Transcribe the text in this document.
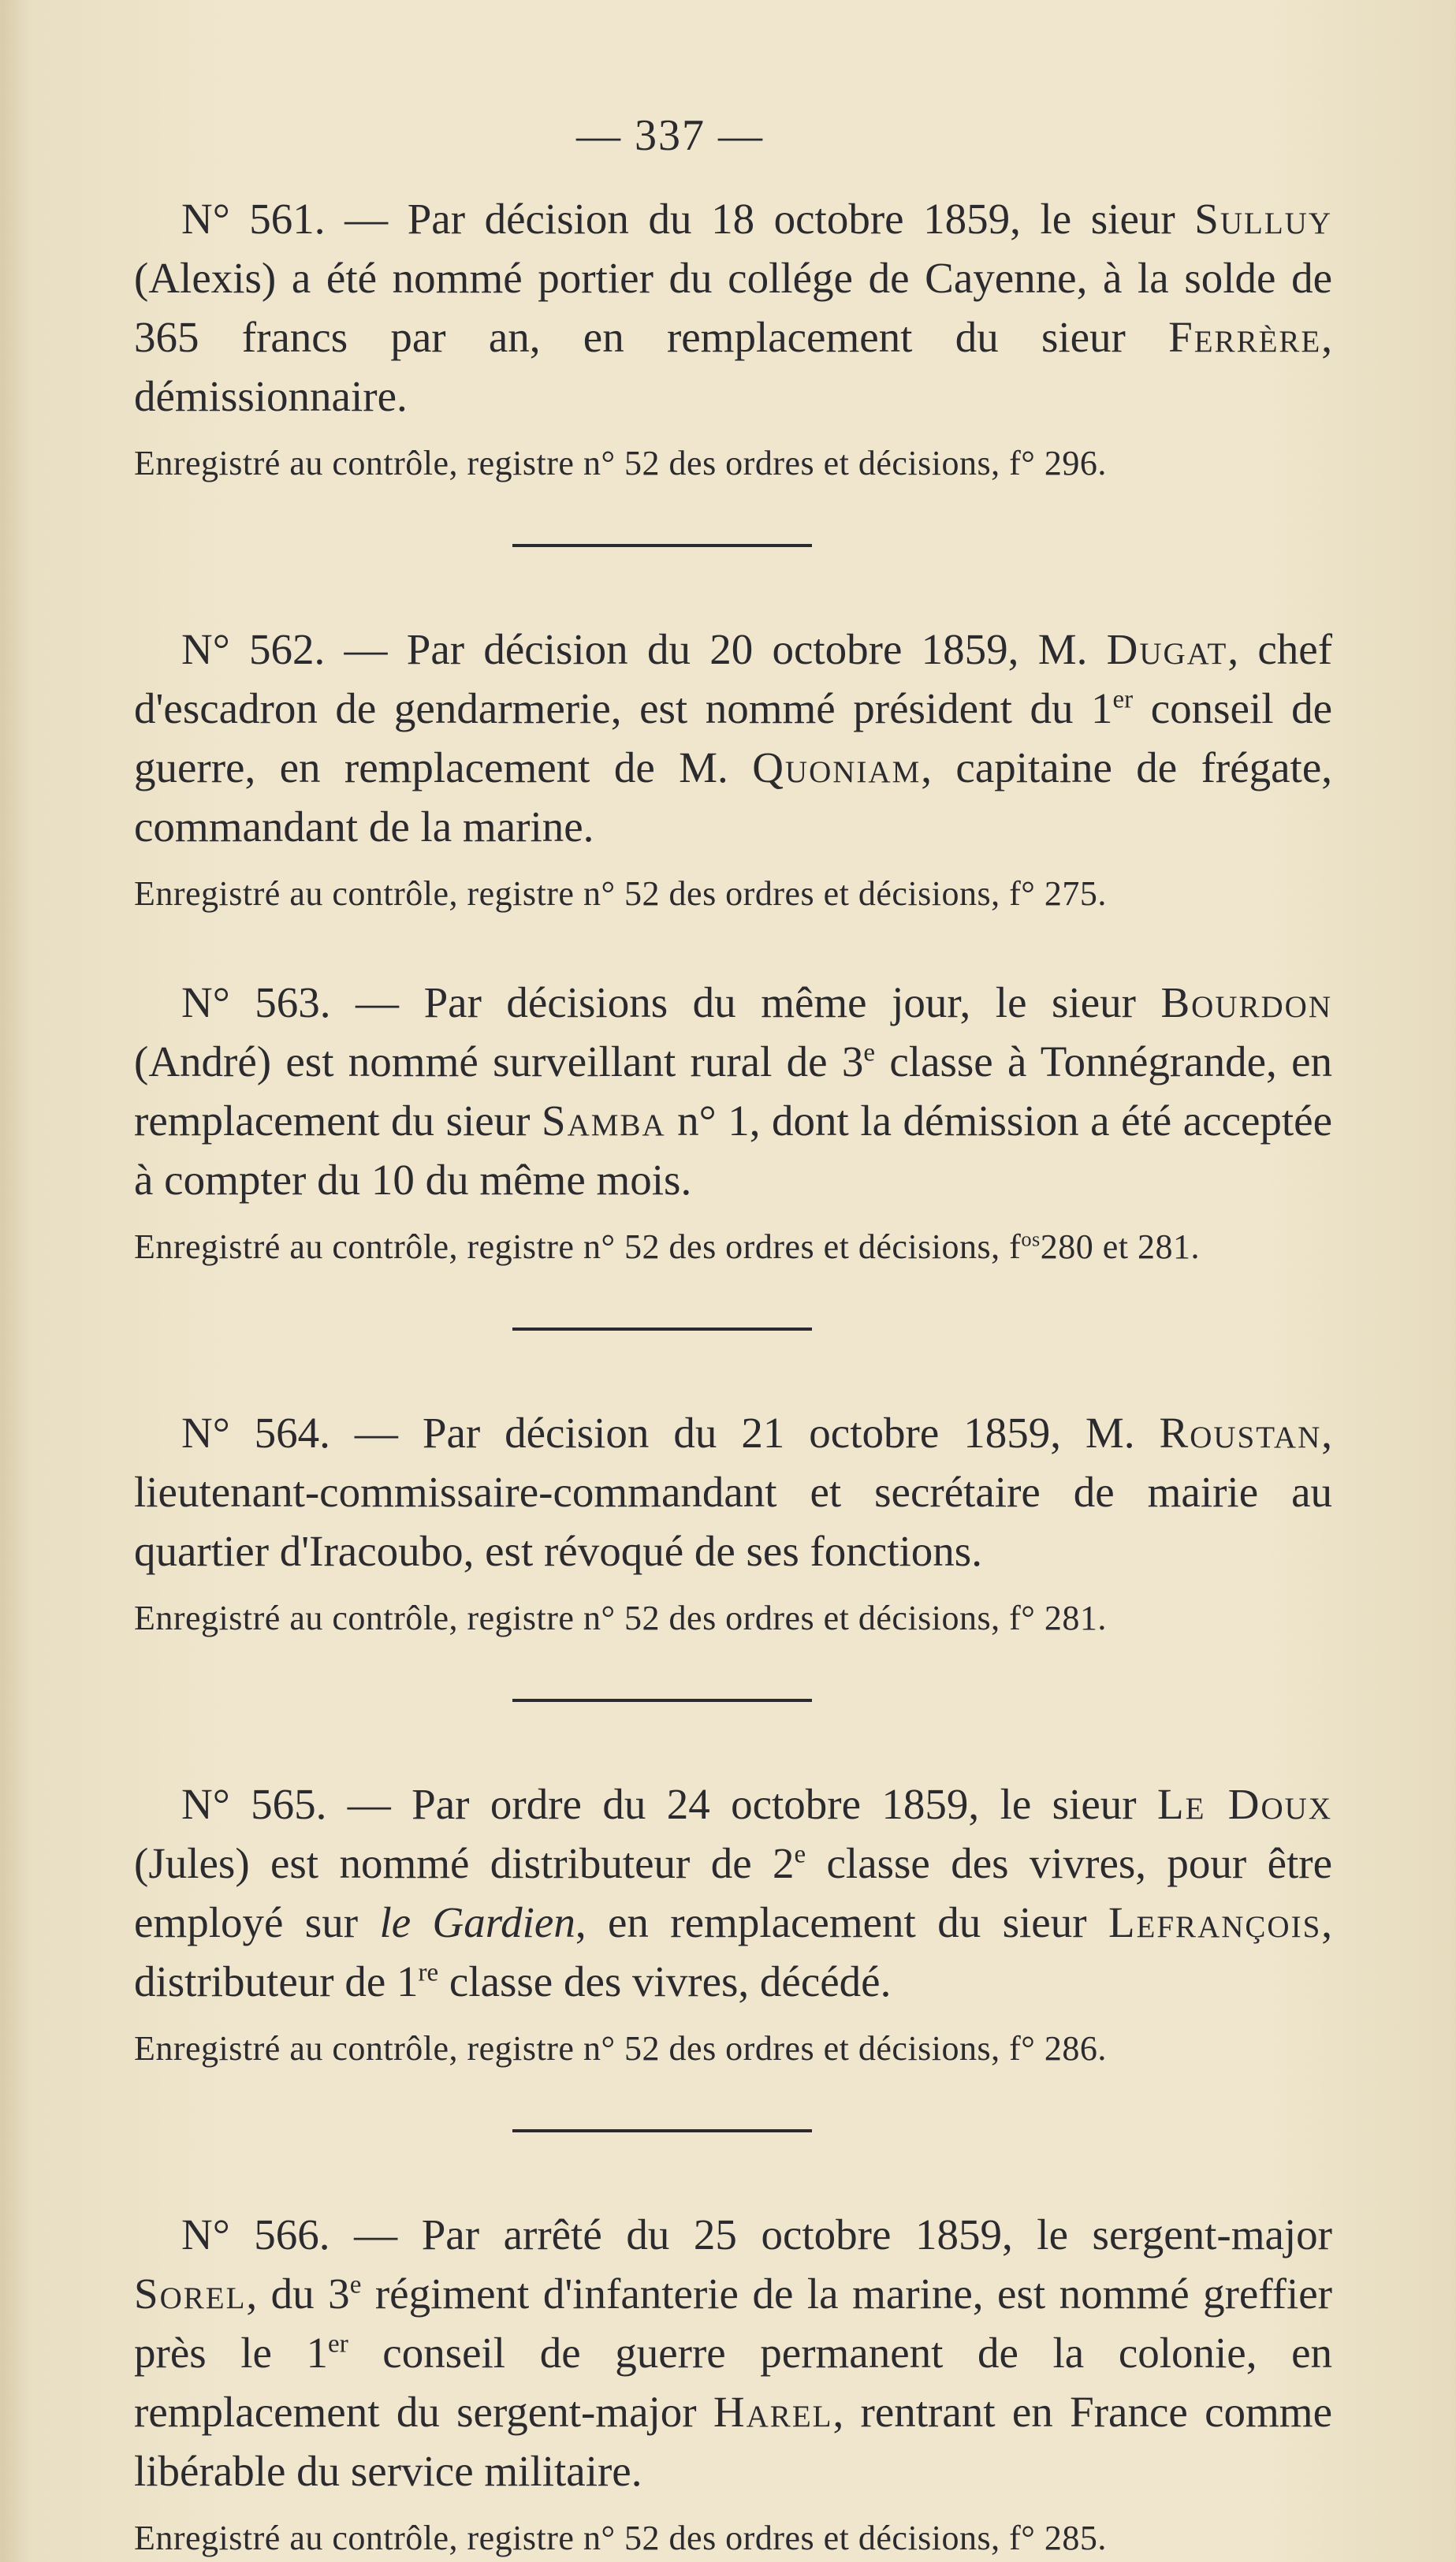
— 337 —

N° 561. — Par décision du 18 octobre 1859, le sieur Sulluy (Alexis) a été nommé portier du collége de Cayenne, à la solde de 365 francs par an, en remplacement du sieur Ferrère, démissionnaire.

Enregistré au contrôle, registre n° 52 des ordres et décisions, f° 296.

N° 562. — Par décision du 20 octobre 1859, M. Dugat, chef d'escadron de gendarmerie, est nommé président du 1er conseil de guerre, en remplacement de M. Quoniam, capitaine de frégate, commandant de la marine.

Enregistré au contrôle, registre n° 52 des ordres et décisions, f° 275.

N° 563. — Par décisions du même jour, le sieur Bourdon (André) est nommé surveillant rural de 3e classe à Tonnégrande, en remplacement du sieur Samba n° 1, dont la démission a été acceptée à compter du 10 du même mois.

Enregistré au contrôle, registre n° 52 des ordres et décisions, $f^{os}280$ et 281.

N° 564. — Par décision du 21 octobre 1859, M. Roustan, lieutenant-commissaire-commandant et secrétaire de mairie au quartier d'Iracoubo, est révoqué de ses fonctions.

Enregistré au contrôle, registre n° 52 des ordres et décisions, f° 281.

N° 565. — Par ordre du 24 octobre 1859, le sieur Le Doux (Jules) est nommé distributeur de 2e classe des vivres, pour être employé sur le Gardien, en remplacement du sieur Lefrançois, distributeur de 1re classe des vivres, décédé.

Enregistré au contrôle, registre n° 52 des ordres et décisions, f° 286.

N° 566. — Par arrêté du 25 octobre 1859, le sergent-major Sorel, du 3e régiment d'infanterie de la marine, est nommé greffier près le 1er conseil de guerre permanent de la colonie, en remplacement du sergent-major Harel, rentrant en France comme libérable du service militaire.

Enregistré au contrôle, registre n° 52 des ordres et décisions, f° 285.
